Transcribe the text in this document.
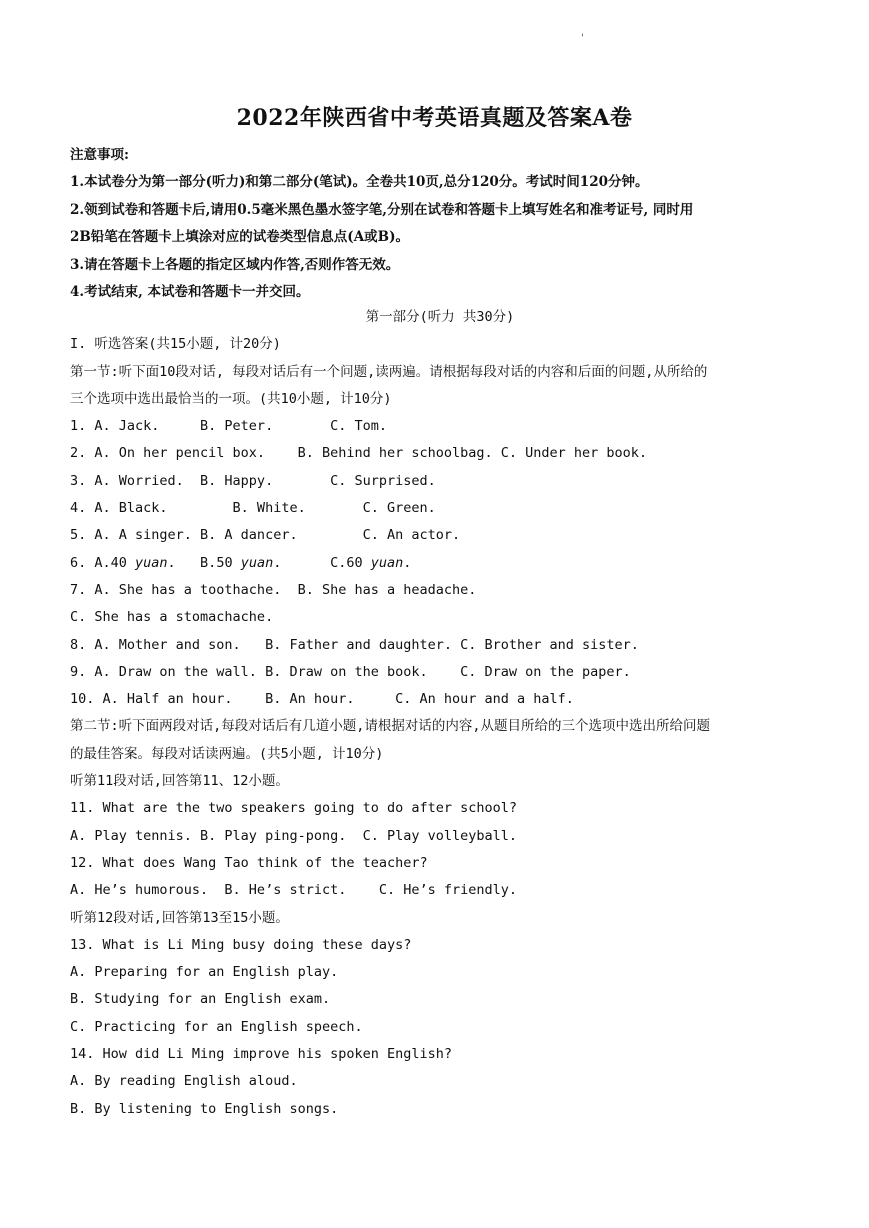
'
2022年陕西省中考英语真题及答案A卷
注意事项:
1.本试卷分为第一部分(听力)和第二部分(笔试)。全卷共10页,总分120分。考试时间120分钟。
2.领到试卷和答题卡后,请用0.5毫米黑色墨水签字笔,分别在试卷和答题卡上填写姓名和准考证号, 同时用
2B铅笔在答题卡上填涂对应的试卷类型信息点(A或B)。
3.请在答题卡上各题的指定区域内作答,否则作答无效。
4.考试结束, 本试卷和答题卡一并交回。
第一部分(听力 共30分)
I. 听选答案(共15小题, 计20分)
第一节:听下面10段对话, 每段对话后有一个问题,读两遍。请根据每段对话的内容和后面的问题,从所给的
三个选项中选出最恰当的一项。(共10小题, 计10分)
1. A. Jack.     B. Peter.       C. Tom.
2. A. On her pencil box.    B. Behind her schoolbag. C. Under her book.
3. A. Worried.  B. Happy.       C. Surprised.
4. A. Black.        B. White.       C. Green.
5. A. A singer. B. A dancer.        C. An actor.
6. A.40 yuan.   B.50 yuan.      C.60 yuan.
7. A. She has a toothache.  B. She has a headache.
C. She has a stomachache.
8. A. Mother and son.   B. Father and daughter. C. Brother and sister.
9. A. Draw on the wall. B. Draw on the book.    C. Draw on the paper.
10. A. Half an hour.    B. An hour.     C. An hour and a half.
第二节:听下面两段对话,每段对话后有几道小题,请根据对话的内容,从题目所给的三个选项中选出所给问题
的最佳答案。每段对话读两遍。(共5小题, 计10分)
听第11段对话,回答第11、12小题。
11. What are the two speakers going to do after school?
A. Play tennis. B. Play ping-pong.  C. Play volleyball.
12. What does Wang Tao think of the teacher?
A. He’s humorous.  B. He’s strict.    C. He’s friendly.
听第12段对话,回答第13至15小题。
13. What is Li Ming busy doing these days?
A. Preparing for an English play.
B. Studying for an English exam.
C. Practicing for an English speech.
14. How did Li Ming improve his spoken English?
A. By reading English aloud.
B. By listening to English songs.
